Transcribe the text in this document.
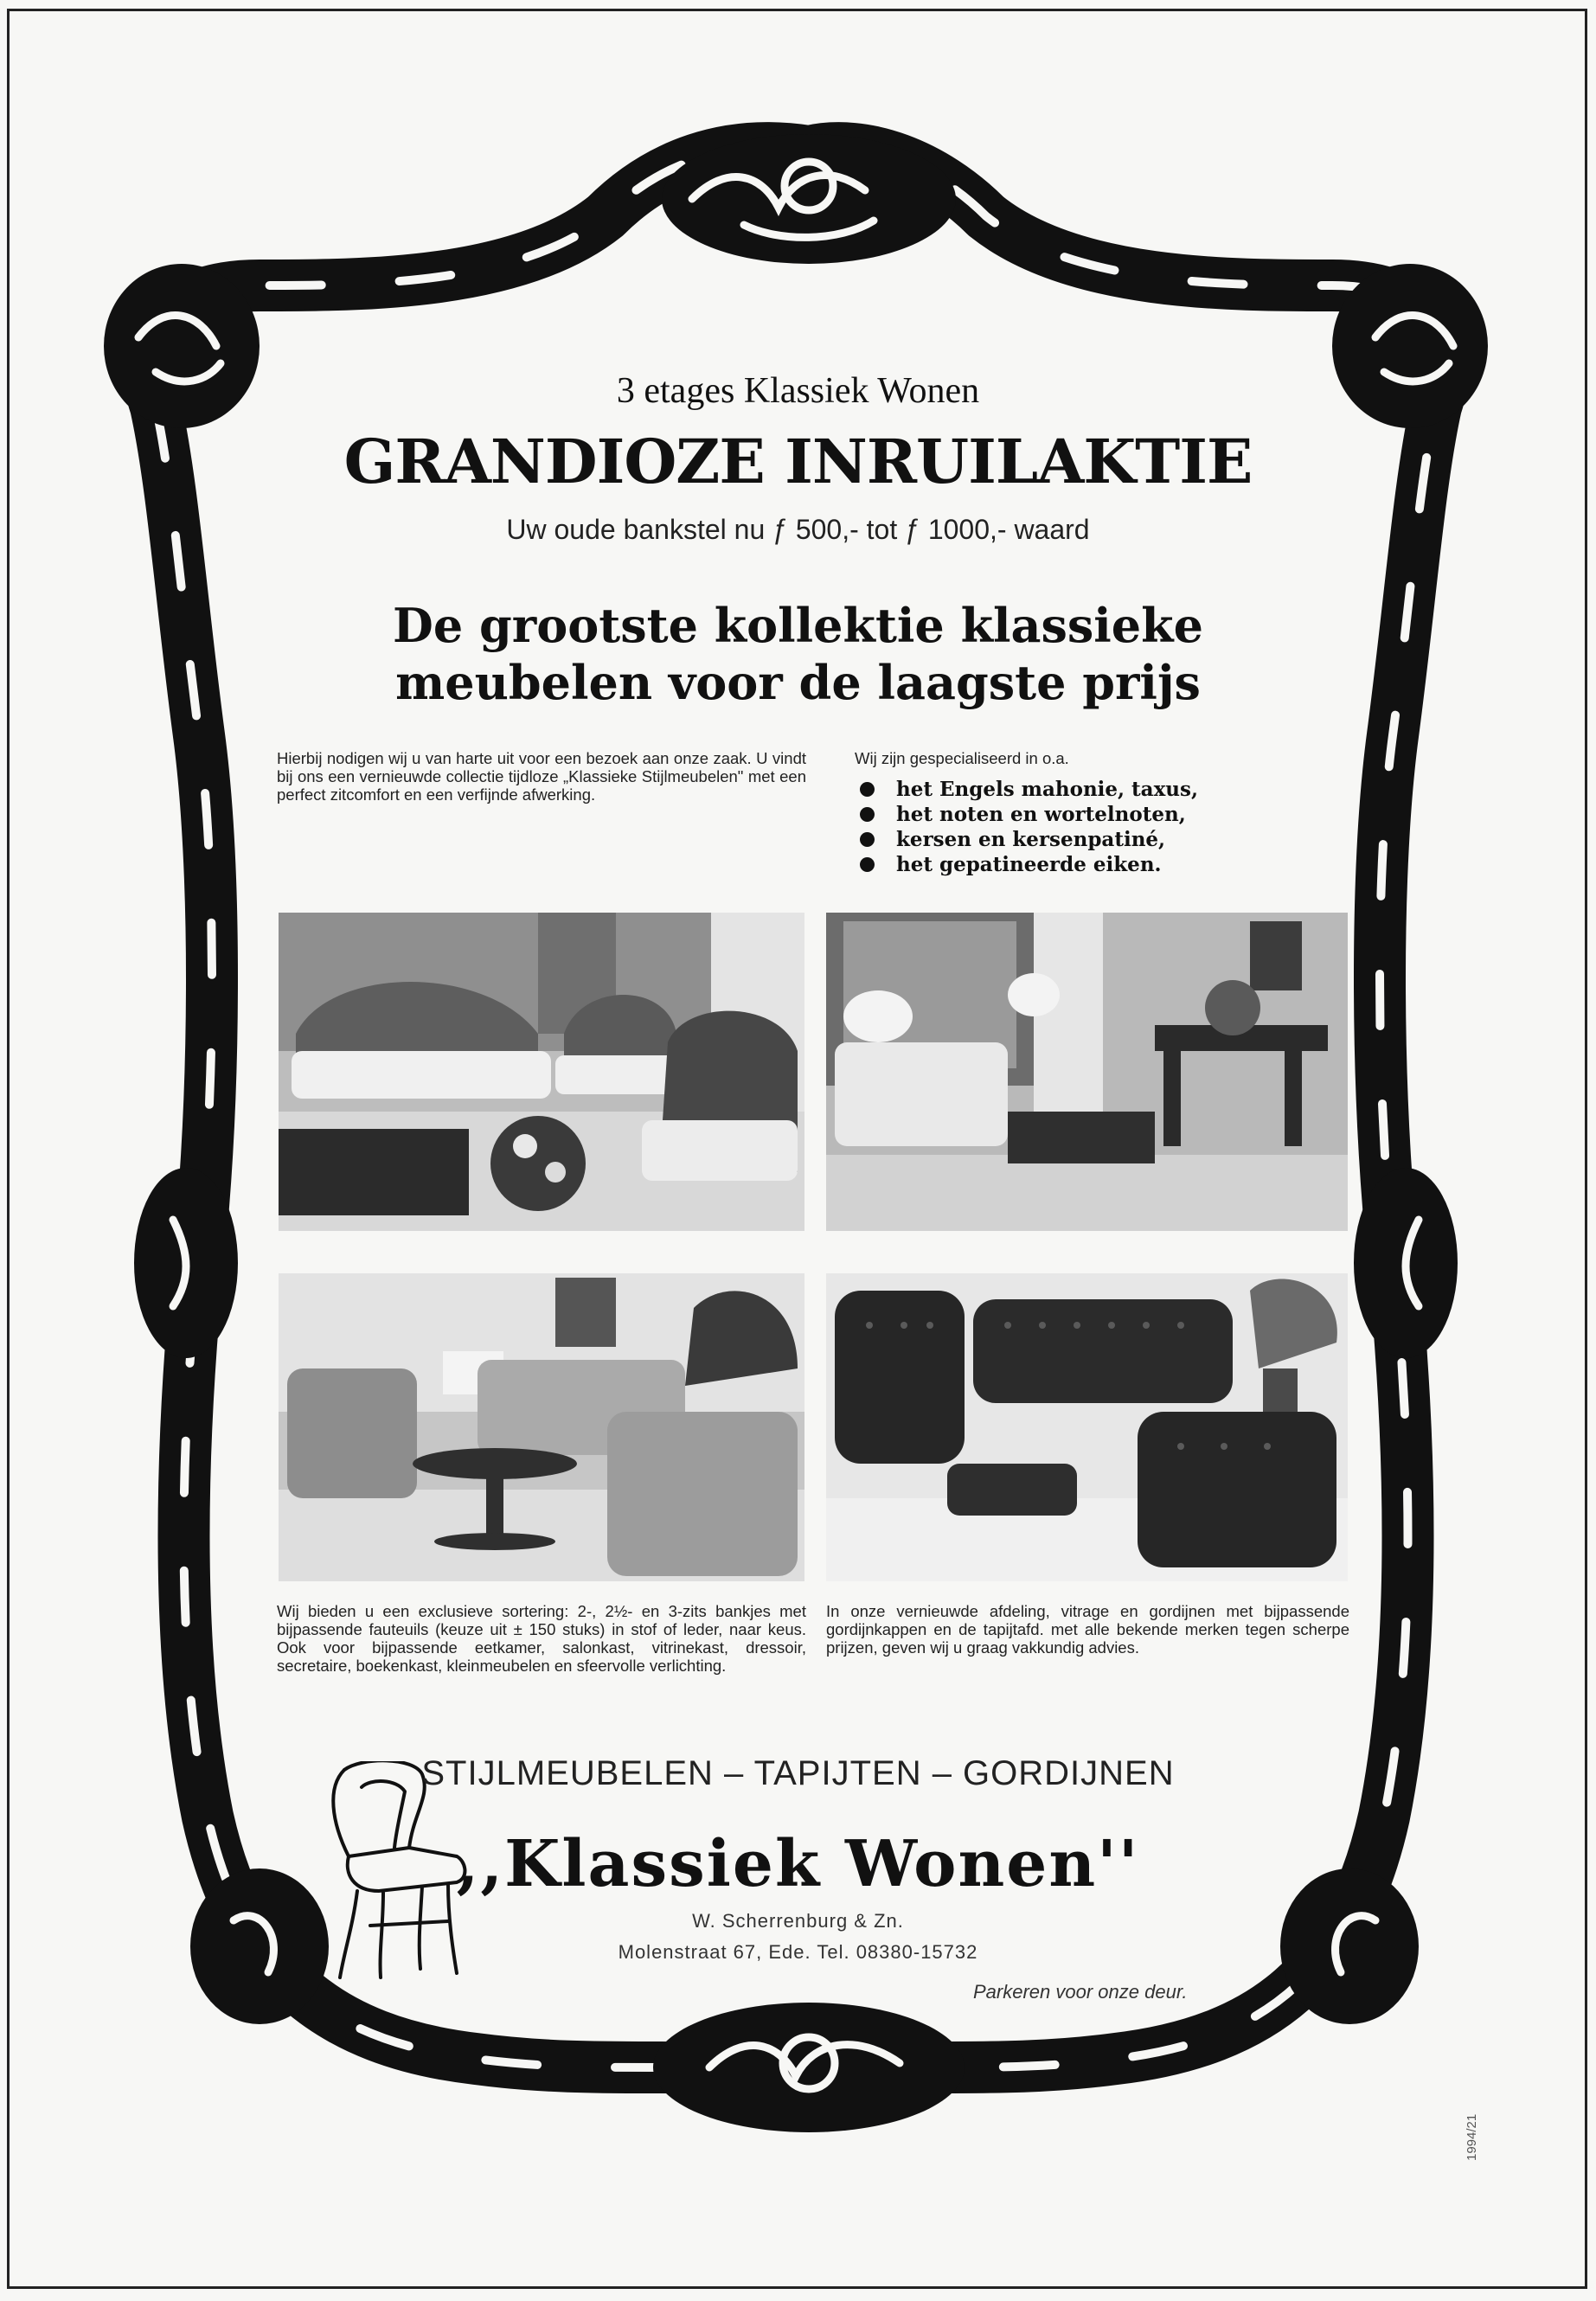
3 etages Klassiek Wonen
GRANDIOZE INRUILAKTIE
Uw oude bankstel nu ƒ 500,- tot ƒ 1000,- waard
De grootste kollektie klassieke
meubelen voor de laagste prijs
Hierbij nodigen wij u van harte uit voor een bezoek aan onze zaak. U vindt bij ons een vernieuwde collectie tijdloze „Klassieke Stijlmeubelen" met een perfect zitcomfort en een verfijnde afwerking.
Wij zijn gespecialiseerd in o.a.
het Engels mahonie, taxus,
het noten en wortelnoten,
kersen en kersenpatiné,
het gepatineerde eiken.
Wij bieden u een exclusieve sortering: 2-, 2½- en 3-zits bankjes met bijpassende fauteuils (keuze uit ± 150 stuks) in stof of leder, naar keus. Ook voor bijpassende eetkamer, salonkast, vitrinekast, dressoir, secretaire, boekenkast, kleinmeubelen en sfeervolle verlichting.
In onze vernieuwde afdeling, vitrage en gordijnen met bijpassende gordijnkappen en de tapijtafd. met alle bekende merken tegen scherpe prijzen, geven wij u graag vakkundig advies.
STIJLMEUBELEN – TAPIJTEN – GORDIJNEN
,,Klassiek Wonen''
W. Scherrenburg & Zn.
Molenstraat 67, Ede. Tel. 08380-15732
Parkeren voor onze deur.
1994/21
